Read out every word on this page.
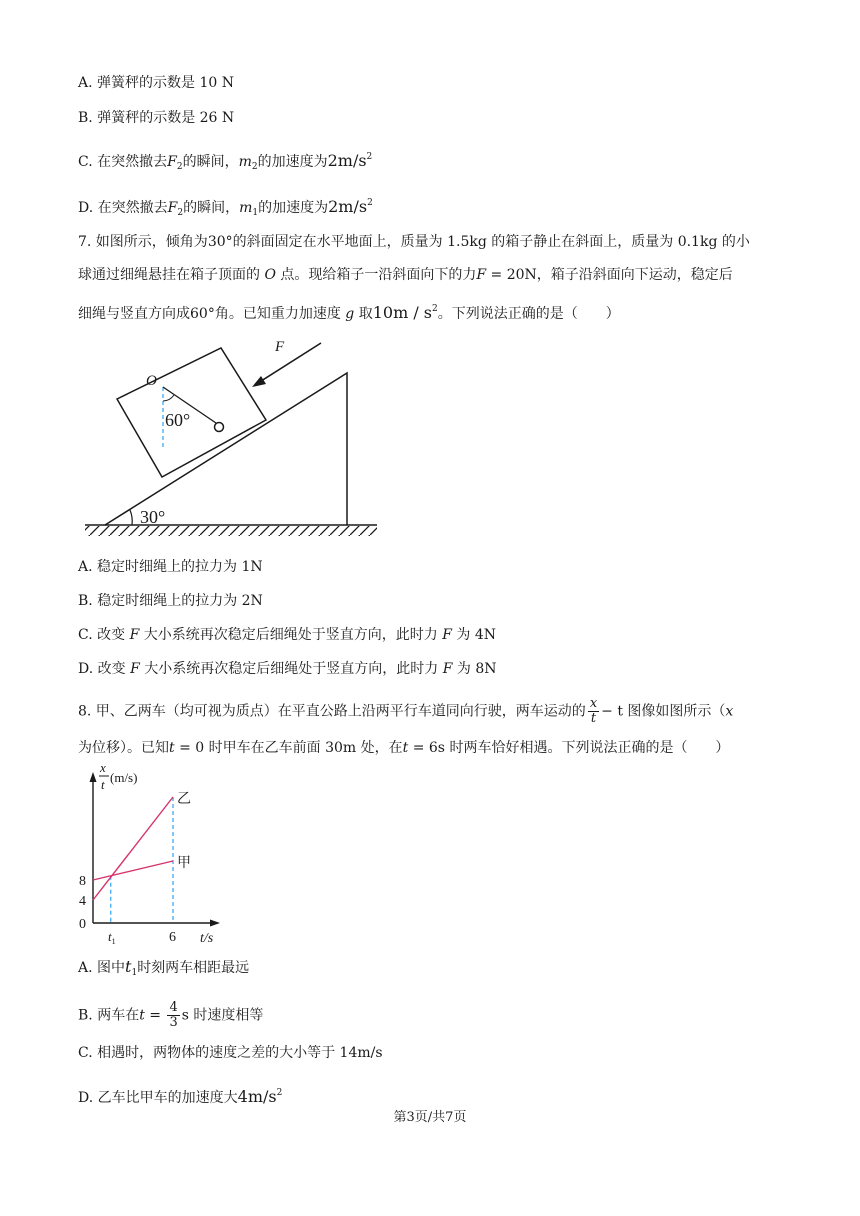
A. 弹簧秤的示数是 10 N
B. 弹簧秤的示数是 26 N
C. 在突然撤去$F_2$的瞬间，$m_2$的加速度为$2m/s^2$
D. 在突然撤去$F_2$的瞬间，$m_1$的加速度为$2m/s^2$
7. 如图所示，倾角为30°的斜面固定在水平地面上，质量为 1.5kg 的箱子静止在斜面上，质量为 0.1kg 的小
球通过细绳悬挂在箱子顶面的 O 点。现给箱子一沿斜面向下的力F = 20N，箱子沿斜面向下运动，稳定后
细绳与竖直方向成60°角。已知重力加速度 g 取$10m / s^2$。下列说法正确的是（　　）
30°
O
60°
F
A. 稳定时细绳上的拉力为 1N
B. 稳定时细绳上的拉力为 2N
C. 改变 F 大小系统再次稳定后细绳处于竖直方向，此时力 F 为 4N
D. 改变 F 大小系统再次稳定后细绳处于竖直方向，此时力 F 为 8N
8. 甲、乙两车（均可视为质点）在平直公路上沿两平行车道同向行驶，两车运动的 $\frac{x}{t} - t$ 图像如图所示（x
为位移）。已知t = 0 时甲车在乙车前面 30m 处，在t = 6s 时两车恰好相遇。下列说法正确的是（　　）
x
t (m/s)
0
4
8
6
$t_1$	t/s
乙
甲
A. 图中$t_1$时刻两车相距最远
B. 两车在$t = \frac{4}{3}$ s 时速度相等
C. 相遇时，两物体的速度之差的大小等于 14m/s
D. 乙车比甲车的加速度大$4m/s^2$
第3页/共7页
